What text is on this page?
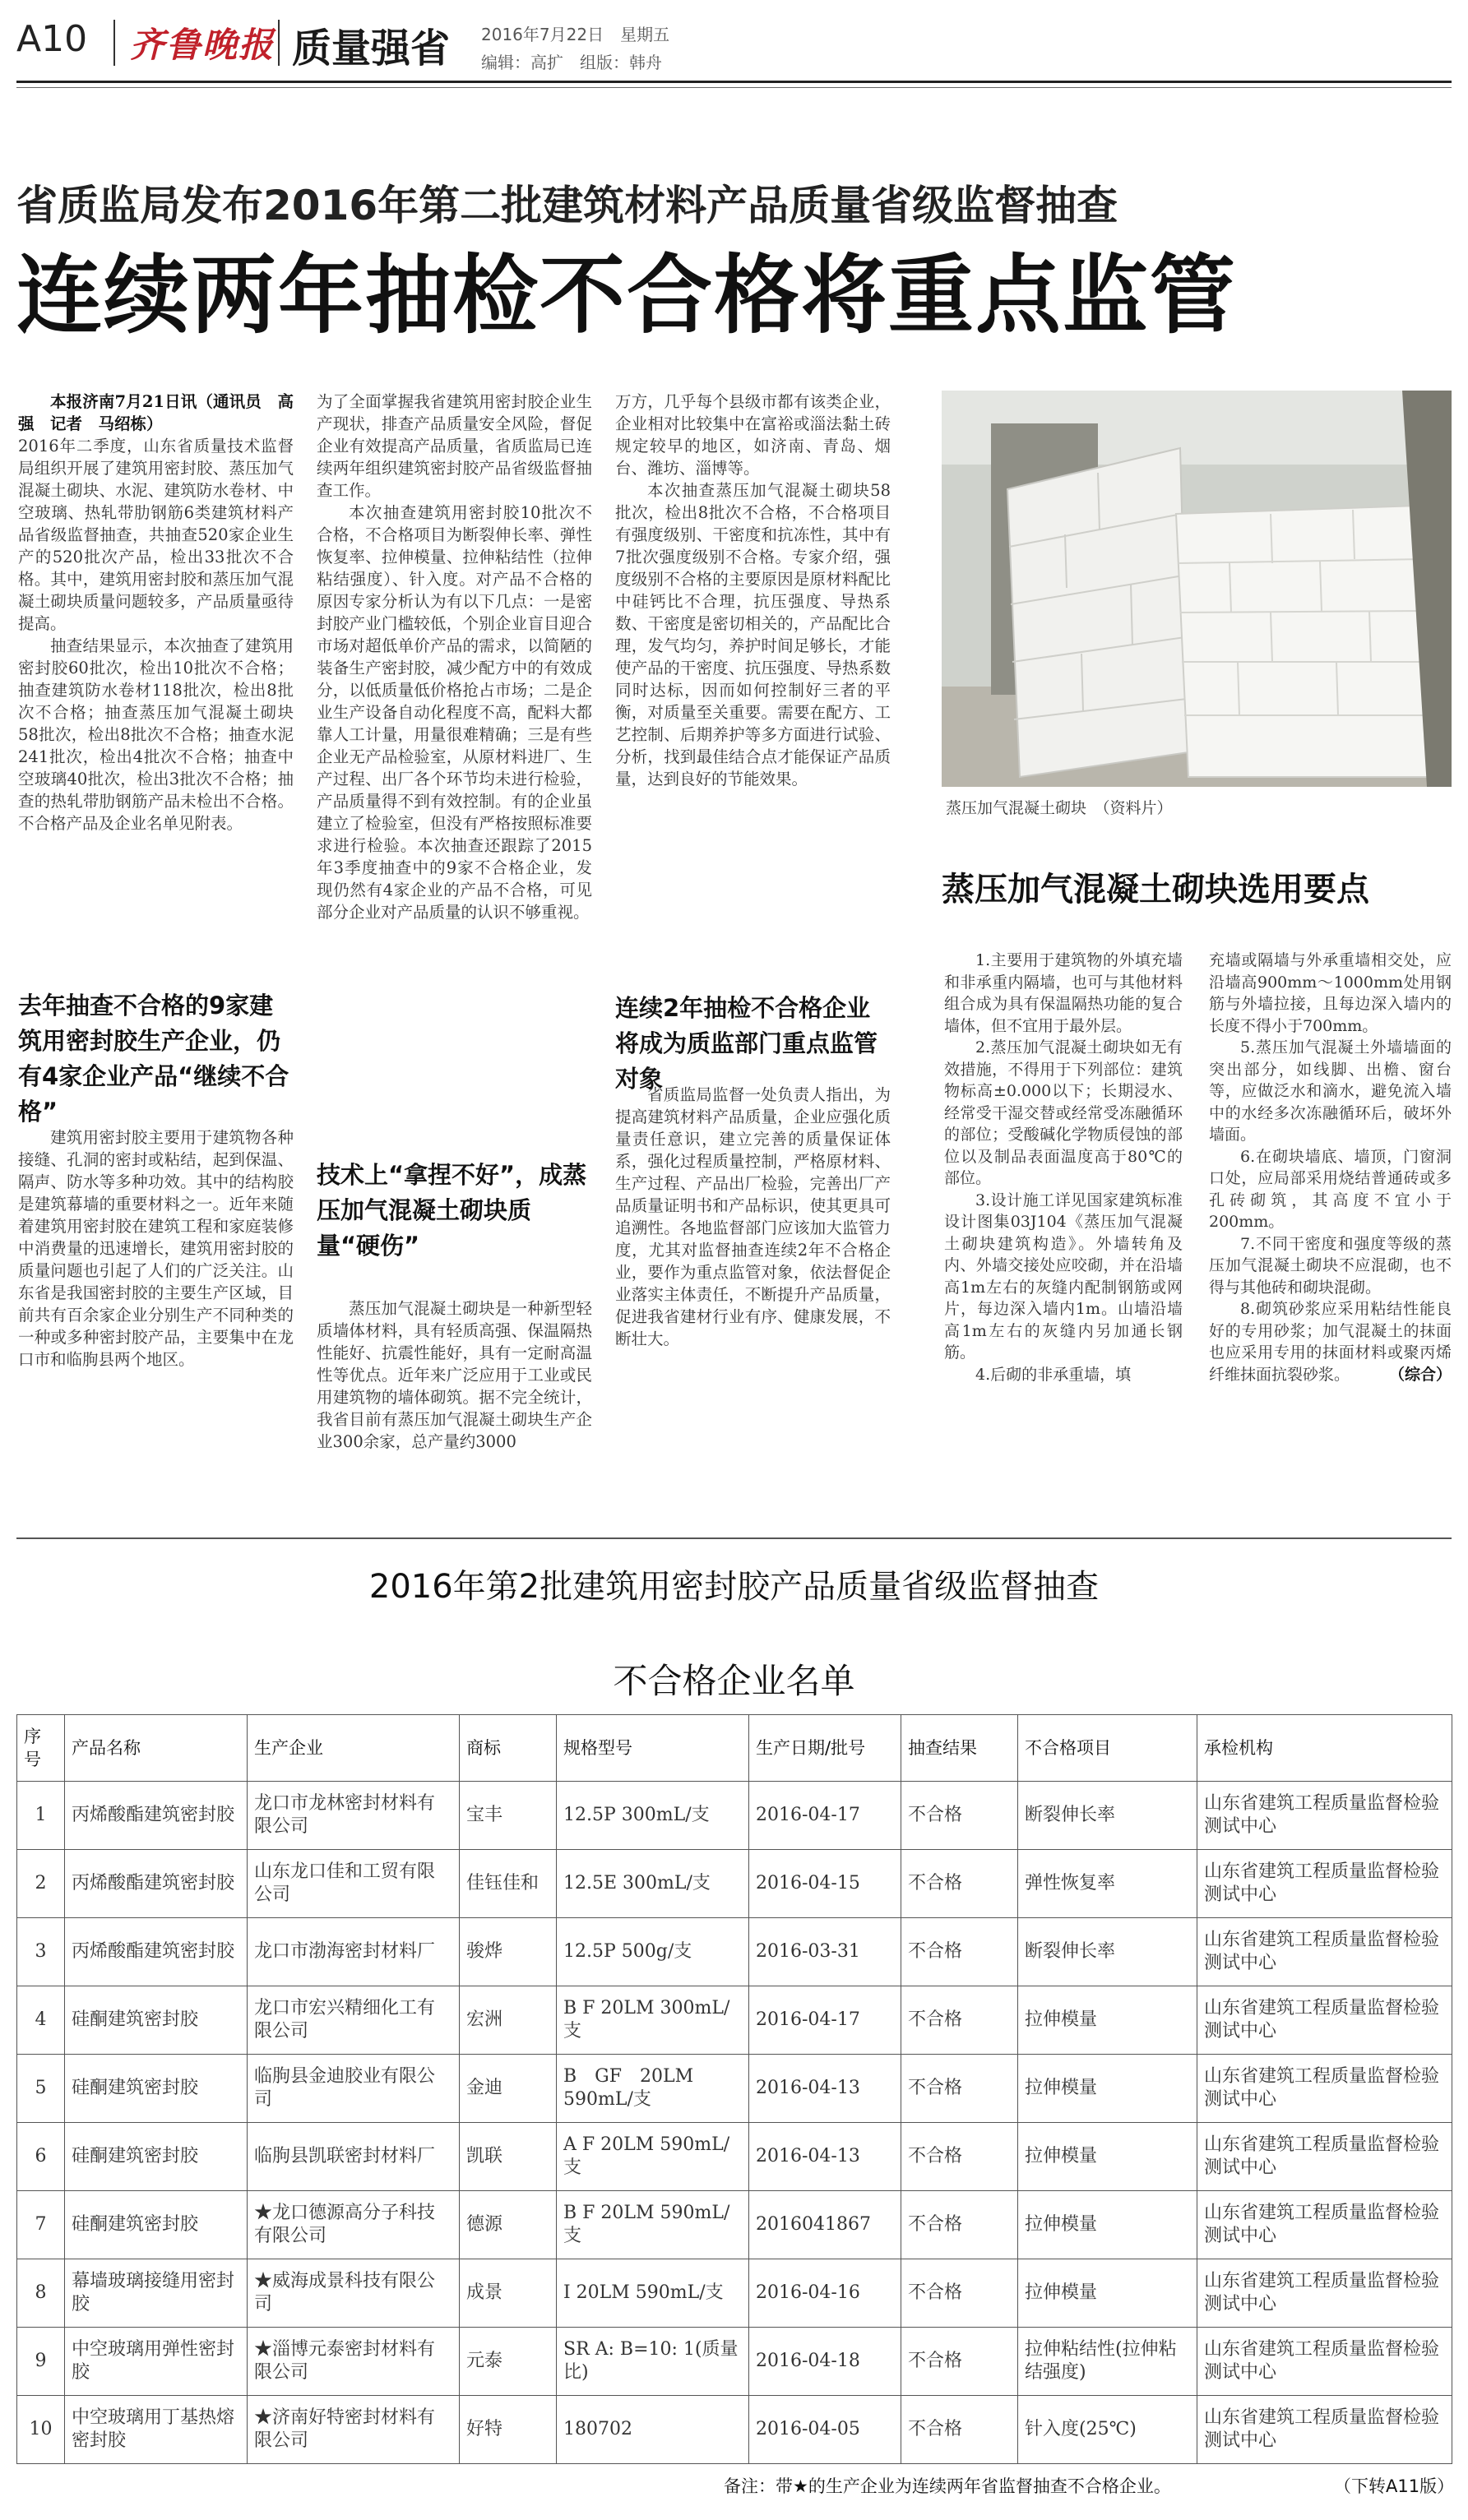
A10 齐鲁晚报 质量强省 2016年7月22日　星期五
编辑：高扩　组版：韩舟
省质监局发布2016年第二批建筑材料产品质量省级监督抽查
连续两年抽检不合格将重点监管

本报济南7月21日讯（通讯员　高强　记者　马绍栋）

2016年二季度，山东省质量技术监督局组织开展了建筑用密封胶、蒸压加气混凝土砌块、水泥、建筑防水卷材、中空玻璃、热轧带肋钢筋6类建筑材料产品省级监督抽查，共抽查520家企业生产的520批次产品，检出33批次不合格。其中，建筑用密封胶和蒸压加气混凝土砌块质量问题较多，产品质量亟待提高。

抽查结果显示，本次抽查了建筑用密封胶60批次，检出10批次不合格；抽查建筑防水卷材118批次，检出8批次不合格；抽查蒸压加气混凝土砌块58批次，检出8批次不合格；抽查水泥241批次，检出4批次不合格；抽查中空玻璃40批次，检出3批次不合格；抽查的热轧带肋钢筋产品未检出不合格。不合格产品及企业名单见附表。

去年抽查不合格的9家建筑用密封胶生产企业，仍有4家企业产品“继续不合格”

建筑用密封胶主要用于建筑物各种接缝、孔洞的密封或粘结，起到保温、隔声、防水等多种功效。其中的结构胶是建筑幕墙的重要材料之一。近年来随着建筑用密封胶在建筑工程和家庭装修中消费量的迅速增长，建筑用密封胶的质量问题也引起了人们的广泛关注。山东省是我国密封胶的主要生产区域，目前共有百余家企业分别生产不同种类的一种或多种密封胶产品，主要集中在龙口市和临朐县两个地区。

为了全面掌握我省建筑用密封胶企业生产现状，排查产品质量安全风险，督促企业有效提高产品质量，省质监局已连续两年组织建筑密封胶产品省级监督抽查工作。

本次抽查建筑用密封胶10批次不合格，不合格项目为断裂伸长率、弹性恢复率、拉伸模量、拉伸粘结性（拉伸粘结强度）、针入度。对产品不合格的原因专家分析认为有以下几点：一是密封胶产业门槛较低，个别企业盲目迎合市场对超低单价产品的需求，以简陋的装备生产密封胶，减少配方中的有效成分，以低质量低价格抢占市场；二是企业生产设备自动化程度不高，配料大都靠人工计量，用量很难精确；三是有些企业无产品检验室，从原材料进厂、生产过程、出厂各个环节均未进行检验，产品质量得不到有效控制。有的企业虽建立了检验室，但没有严格按照标准要求进行检验。本次抽查还跟踪了2015年3季度抽查中的9家不合格企业，发现仍然有4家企业的产品不合格，可见部分企业对产品质量的认识不够重视。

技术上“拿捏不好”，成蒸压加气混凝土砌块质量“硬伤”

蒸压加气混凝土砌块是一种新型轻质墙体材料，具有轻质高强、保温隔热性能好、抗震性能好，具有一定耐高温性等优点。近年来广泛应用于工业或民用建筑物的墙体砌筑。据不完全统计，我省目前有蒸压加气混凝土砌块生产企业300余家，总产量约3000

万方，几乎每个县级市都有该类企业，企业相对比较集中在富裕或淄法黏土砖规定较早的地区，如济南、青岛、烟台、潍坊、淄博等。

本次抽查蒸压加气混凝土砌块58批次，检出8批次不合格，不合格项目有强度级别、干密度和抗冻性，其中有7批次强度级别不合格。专家介绍，强度级别不合格的主要原因是原材料配比中硅钙比不合理，抗压强度、导热系数、干密度是密切相关的，产品配比合理，发气均匀，养护时间足够长，才能使产品的干密度、抗压强度、导热系数同时达标，因而如何控制好三者的平衡，对质量至关重要。需要在配方、工艺控制、后期养护等多方面进行试验、分析，找到最佳结合点才能保证产品质量，达到良好的节能效果。

连续2年抽检不合格企业将成为质监部门重点监管对象

省质监局监督一处负责人指出，为提高建筑材料产品质量，企业应强化质量责任意识，建立完善的质量保证体系，强化过程质量控制，严格原材料、生产过程、产品出厂检验，完善出厂产品质量证明书和产品标识，使其更具可追溯性。各地监督部门应该加大监管力度，尤其对监督抽查连续2年不合格企业，要作为重点监管对象，依法督促企业落实主体责任，不断提升产品质量，促进我省建材行业有序、健康发展，不断壮大。

蒸压加气混凝土砌块　（资料片）
蒸压加气混凝土砌块选用要点

1.主要用于建筑物的外填充墙和非承重内隔墙，也可与其他材料组合成为具有保温隔热功能的复合墙体，但不宜用于最外层。

2.蒸压加气混凝土砌块如无有效措施，不得用于下列部位：建筑物标高±0.000以下；长期浸水、经常受干湿交替或经常受冻融循环的部位；受酸碱化学物质侵蚀的部位以及制品表面温度高于80℃的部位。

3.设计施工详见国家建筑标准设计图集03J104《蒸压加气混凝土砌块建筑构造》。外墙转角及内、外墙交接处应咬砌，并在沿墙高1m左右的灰缝内配制钢筋或网片，每边深入墙内1m。山墙沿墙高1m左右的灰缝内另加通长钢筋。

4.后砌的非承重墙，填

充墙或隔墙与外承重墙相交处，应沿墙高900mm～1000mm处用钢筋与外墙拉接，且每边深入墙内的长度不得小于700mm。

5.蒸压加气混凝土外墙墙面的突出部分，如线脚、出檐、窗台等，应做泛水和滴水，避免流入墙中的水经多次冻融循环后，破坏外墙面。

6.在砌块墙底、墙顶，门窗洞口处，应局部采用烧结普通砖或多孔砖砌筑，其高度不宜小于200mm。

7.不同干密度和强度等级的蒸压加气混凝土砌块不应混砌，也不得与其他砖和砌块混砌。

8.砌筑砂浆应采用粘结性能良好的专用砂浆；加气混凝土的抹面也应采用专用的抹面材料或聚丙烯纤维抹面抗裂砂浆。	（综合）

2016年第2批建筑用密封胶产品质量省级监督抽查
不合格企业名单
序号	产品名称	生产企业	商标	规格型号	生产日期/批号	抽查结果	不合格项目	承检机构
1	丙烯酸酯建筑密封胶	龙口市龙林密封材料有限公司	宝丰	12.5P 300mL/支	2016-04-17	不合格	断裂伸长率	山东省建筑工程质量监督检验测试中心
2	丙烯酸酯建筑密封胶	山东龙口佳和工贸有限公司	佳钰佳和	12.5E 300mL/支	2016-04-15	不合格	弹性恢复率	山东省建筑工程质量监督检验测试中心
3	丙烯酸酯建筑密封胶	龙口市渤海密封材料厂	骏烨	12.5P 500g/支	2016-03-31	不合格	断裂伸长率	山东省建筑工程质量监督检验测试中心
4	硅酮建筑密封胶	龙口市宏兴精细化工有限公司	宏洲	B F 20LM 300mL/支	2016-04-17	不合格	拉伸模量	山东省建筑工程质量监督检验测试中心
5	硅酮建筑密封胶	临朐县金迪胶业有限公司	金迪	B　GF　20LM 590mL/支	2016-04-13	不合格	拉伸模量	山东省建筑工程质量监督检验测试中心
6	硅酮建筑密封胶	临朐县凯联密封材料厂	凯联	A F 20LM 590mL/支	2016-04-13	不合格	拉伸模量	山东省建筑工程质量监督检验测试中心
7	硅酮建筑密封胶	★龙口德源高分子科技有限公司	德源	B F 20LM 590mL/支	2016041867	不合格	拉伸模量	山东省建筑工程质量监督检验测试中心
8	幕墙玻璃接缝用密封胶	★威海成景科技有限公司	成景	I 20LM 590mL/支	2016-04-16	不合格	拉伸模量	山东省建筑工程质量监督检验测试中心
9	中空玻璃用弹性密封胶	★淄博元泰密封材料有限公司	元泰	SR A: B=10: 1(质量比)	2016-04-18	不合格	拉伸粘结性(拉伸粘结强度)	山东省建筑工程质量监督检验测试中心
10	中空玻璃用丁基热熔密封胶	★济南好特密封材料有限公司	好特	180702	2016-04-05	不合格	针入度(25℃)	山东省建筑工程质量监督检验测试中心
备注：带★的生产企业为连续两年省监督抽查不合格企业。	（下转A11版）
